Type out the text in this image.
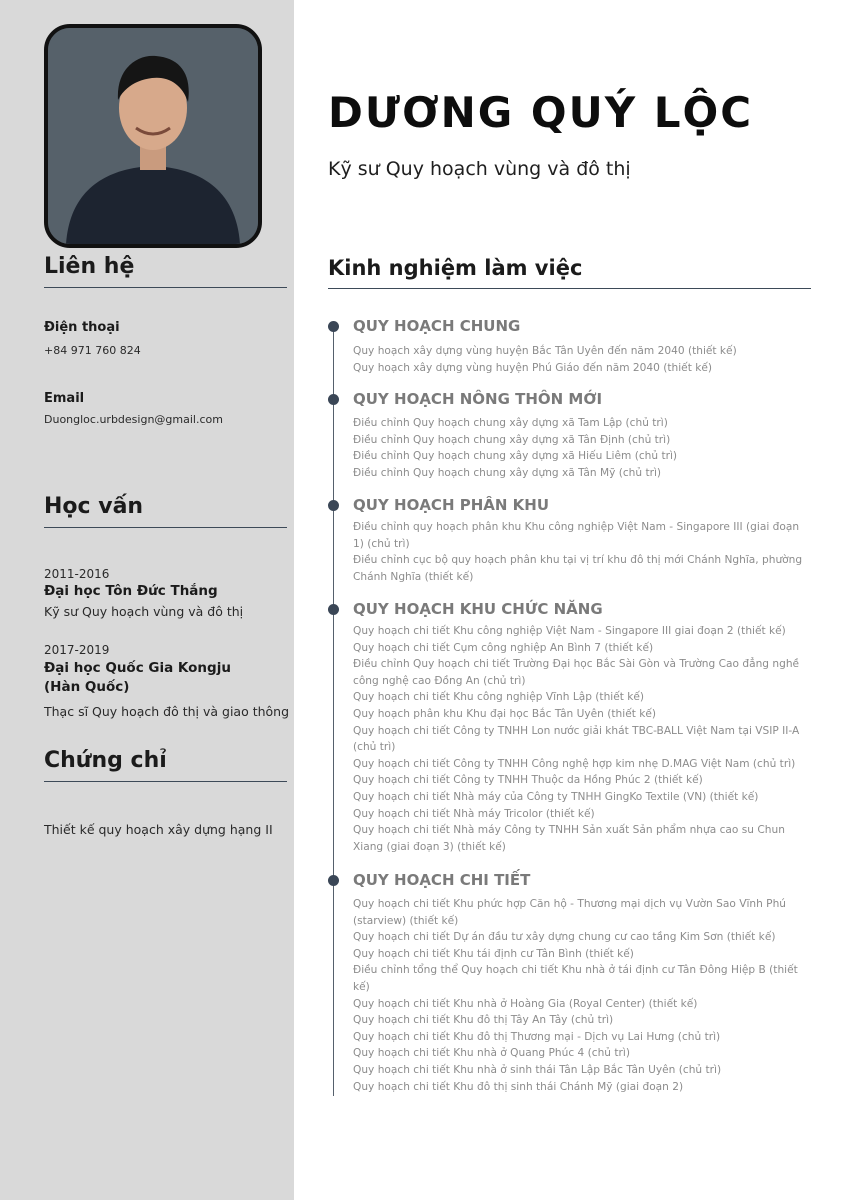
Liên hệ
Điện thoại
+84 971 760 824
Email
Duongloc.urbdesign@gmail.com
Học vấn
2011-2016
Đại học Tôn Đức Thắng
Kỹ sư Quy hoạch vùng và đô thị
2017-2019
Đại học Quốc Gia Kongju (Hàn Quốc)
Thạc sĩ Quy hoạch đô thị và giao thông
Chứng chỉ
Thiết kế quy hoạch xây dựng hạng II
DƯƠNG QUÝ LỘC
Kỹ sư Quy hoạch vùng và đô thị
Kinh nghiệm làm việc
QUY HOẠCH CHUNG
Quy hoạch xây dựng vùng huyện Bắc Tân Uyên đến năm 2040 (thiết kế)
Quy hoạch xây dựng vùng huyện Phú Giáo đến năm 2040 (thiết kế)
QUY HOẠCH NÔNG THÔN MỚI
Điều chỉnh Quy hoạch chung xây dựng xã Tam Lập (chủ trì)
Điều chỉnh Quy hoạch chung xây dựng xã Tân Định (chủ trì)
Điều chỉnh Quy hoạch chung xây dựng xã Hiếu Liêm (chủ trì)
Điều chỉnh Quy hoạch chung xây dựng xã Tân Mỹ (chủ trì)
QUY HOẠCH PHÂN KHU
Điều chỉnh quy hoạch phân khu Khu công nghiệp Việt Nam - Singapore III (giai đoạn 1) (chủ trì)
Điều chỉnh cục bộ quy hoạch phân khu tại vị trí khu đô thị mới Chánh Nghĩa, phường Chánh Nghĩa (thiết kế)
QUY HOẠCH KHU CHỨC NĂNG
Quy hoạch chi tiết Khu công nghiệp Việt Nam - Singapore III giai đoạn 2 (thiết kế)
Quy hoạch chi tiết Cụm công nghiệp An Bình 7 (thiết kế)
Điều chỉnh Quy hoạch chi tiết Trường Đại học Bắc Sài Gòn và Trường Cao đẳng nghề công nghệ cao Đồng An (chủ trì)
Quy hoạch chi tiết Khu công nghiệp Vĩnh Lập (thiết kế)
Quy hoạch phân khu Khu đại học Bắc Tân Uyên (thiết kế)
Quy hoạch chi tiết Công ty TNHH Lon nước giải khát TBC-BALL Việt Nam tại VSIP II-A (chủ trì)
Quy hoạch chi tiết Công ty TNHH Công nghệ hợp kim nhẹ D.MAG Việt Nam (chủ trì)
Quy hoạch chi tiết Công ty TNHH Thuộc da Hồng Phúc 2 (thiết kế)
Quy hoạch chi tiết Nhà máy của Công ty TNHH GingKo Textile (VN) (thiết kế)
Quy hoạch chi tiết Nhà máy Tricolor (thiết kế)
Quy hoạch chi tiết Nhà máy Công ty TNHH Sản xuất Sản phẩm nhựa cao su Chun Xiang (giai đoạn 3) (thiết kế)
QUY HOẠCH CHI TIẾT
Quy hoạch chi tiết Khu phức hợp Căn hộ - Thương mại dịch vụ Vườn Sao Vĩnh Phú (starview) (thiết kế)
Quy hoạch chi tiết Dự án đầu tư xây dựng chung cư cao tầng Kim Sơn (thiết kế)
Quy hoạch chi tiết Khu tái định cư Tân Bình (thiết kế)
Điều chỉnh tổng thể Quy hoạch chi tiết Khu nhà ở tái định cư Tân Đông Hiệp B (thiết kế)
Quy hoạch chi tiết Khu nhà ở Hoàng Gia (Royal Center) (thiết kế)
Quy hoạch chi tiết Khu đô thị Tây An Tây (chủ trì)
Quy hoạch chi tiết Khu đô thị Thương mại - Dịch vụ Lai Hưng (chủ trì)
Quy hoạch chi tiết Khu nhà ở Quang Phúc 4 (chủ trì)
Quy hoạch chi tiết Khu nhà ở sinh thái Tân Lập Bắc Tân Uyên (chủ trì)
Quy hoạch chi tiết Khu đô thị sinh thái Chánh Mỹ (giai đoạn 2)
